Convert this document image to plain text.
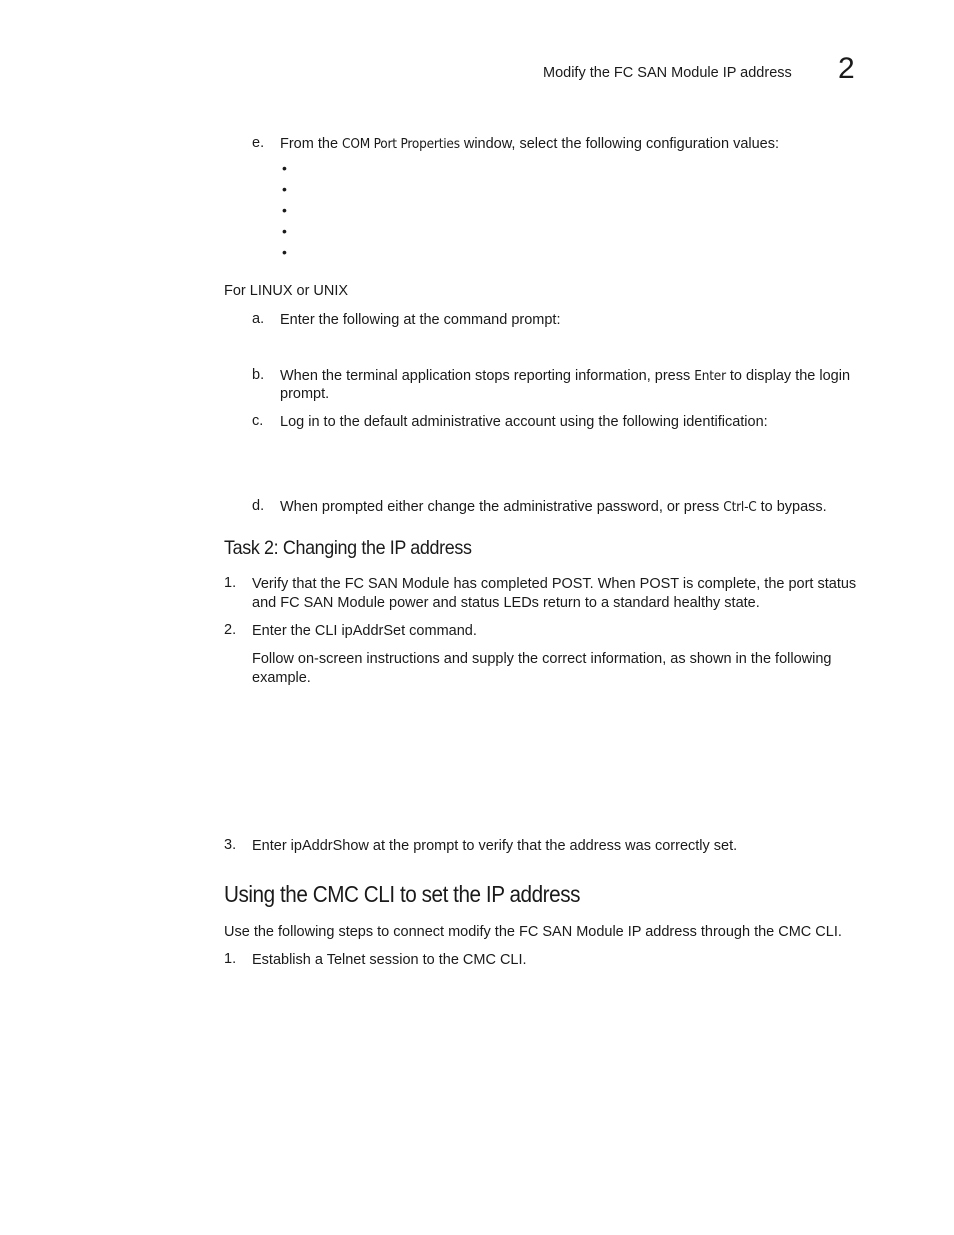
Modify the FC SAN Module IP address 2
e. From the COM Port Properties window, select the following configuration values:
•
•
•
•
•
For LINUX or UNIX
a. Enter the following at the command prompt:
b. When the terminal application stops reporting information, press Enter to display the login
prompt.
c. Log in to the default administrative account using the following identification:
d. When prompted either change the administrative password, or press Ctrl-C to bypass.
Task 2: Changing the IP address
1. Verify that the FC SAN Module has completed POST. When POST is complete, the port status
and FC SAN Module power and status LEDs return to a standard healthy state.
2. Enter the CLI ipAddrSet command.
Follow on-screen instructions and supply the correct information, as shown in the following
example.
3. Enter ipAddrShow at the prompt to verify that the address was correctly set.
Using the CMC CLI to set the IP address
Use the following steps to connect modify the FC SAN Module IP address through the CMC CLI.
1. Establish a Telnet session to the CMC CLI.
